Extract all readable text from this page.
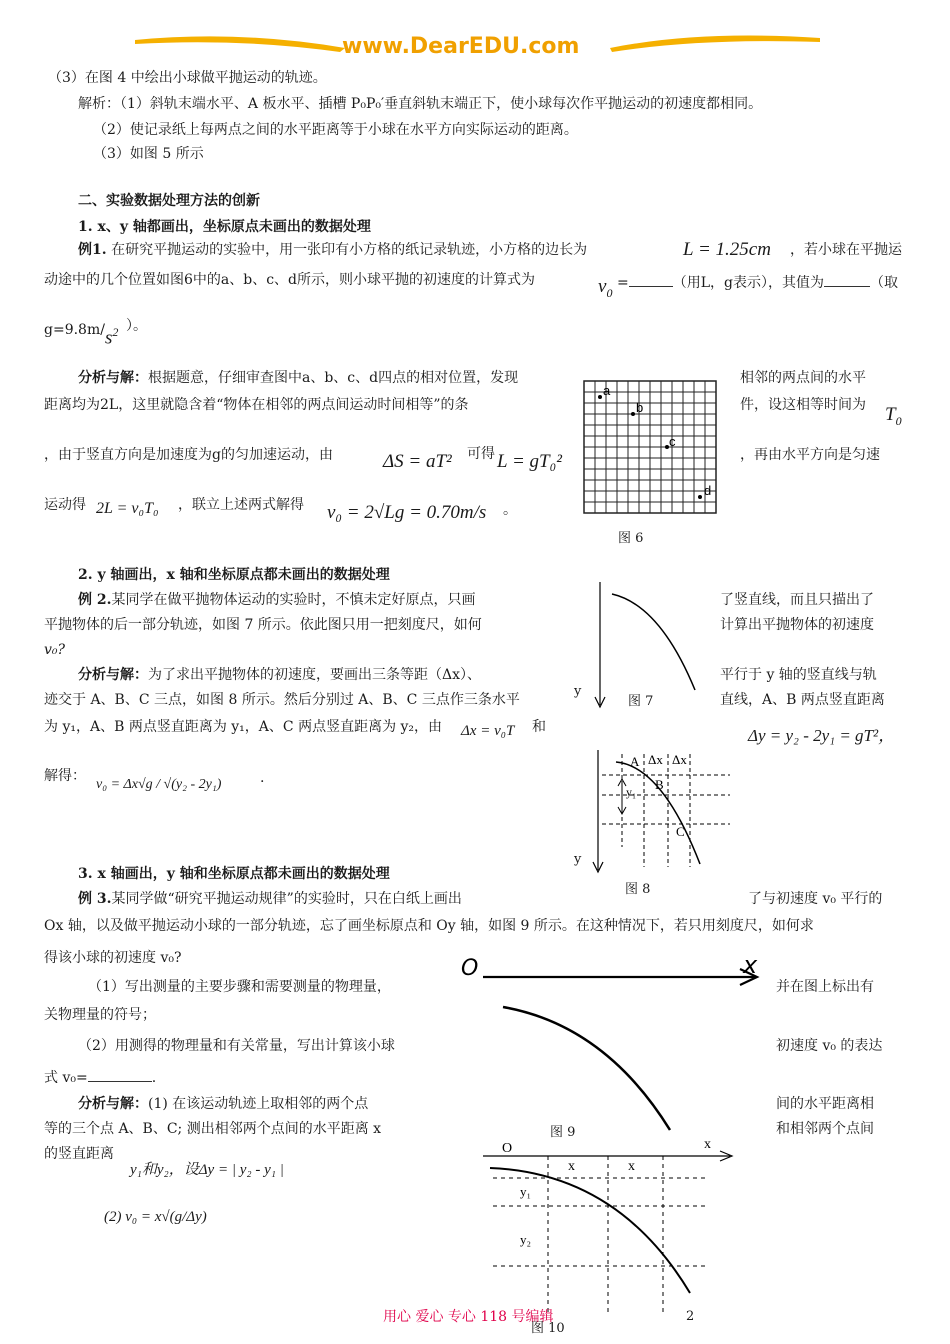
www.DearEDU.com
（3）在图 4 中绘出小球做平抛运动的轨迹。
解析：（1）斜轨末端水平、A 板水平、插槽 P₀P₀′垂直斜轨末端正下，使小球每次作平抛运动的初速度都相同。
（2）使记录纸上每两点之间的水平距离等于小球在水平方向实际运动的距离。
（3）如图 5 所示
二、实验数据处理方法的创新
1. x、y 轴都画出，坐标原点未画出的数据处理
例1. 在研究平抛运动的实验中，用一张印有小方格的纸记录轨迹，小方格的边长为	L = 1.25cm ，若小球在平抛运
动途中的几个位置如图6中的a、b、c、d所示，则小球平抛的初速度的计算式为	$v_0$
=	（用L，g表示），其值为	（取
g=9.8m/ $s^2$ ）。
分析与解：根据题意，仔细审查图中a、b、c、d四点的相对位置，发现	相邻的两点间的水平
距离均为2L，这里就隐含着“物体在相邻的两点间运动时间相等”的条	件，设这相等时间为 $T_0$
，由于竖直方向是加速度为g的匀加速运动，由	ΔS = aT² 可得 L = gT₀²	，再由水平方向是匀速
运动得 2L = v₀T₀ ，联立上述两式解得 v₀ = 2√Lg = 0.70m/s 。
a
b
c
d
图 6
2. y 轴画出，x 轴和坐标原点都未画出的数据处理
例 2.某同学在做平抛物体运动的实验时，不慎未定好原点，只画	了竖直线，而且只描出了
平抛物体的后一部分轨迹，如图 7 所示。依此图只用一把刻度尺，如何	计算出平抛物体的初速度
v₀?
分析与解：为了求出平抛物体的初速度，要画出三条等距（Δx）、	平行于 y 轴的竖直线与轨
迹交于 A、B、C 三点，如图 8 所示。然后分别过 A、B、C 三点作三条水平	直线，A、B 两点竖直距离
为 y₁，A、B 两点竖直距离为 y₁，A、C 两点竖直距离为 y₂，由 Δx = v₀T 和	Δy = y₂ - 2y₁ = gT²，
解得：
v₀ = Δx√g / √(y₂ - 2y₁)	.
y
图 7
A
B
C
y₁
Δx Δx
y
图 8
3. x 轴画出，y 轴和坐标原点都未画出的数据处理
例 3.某同学做“研究平抛运动规律”的实验时，只在白纸上画出	了与初速度 v₀ 平行的
Ox 轴，以及做平抛运动小球的一部分轨迹，忘了画坐标原点和 Oy 轴，如图 9 所示。在这种情况下，若只用刻度尺，如何求
得该小球的初速度 v₀?
（1）写出测量的主要步骤和需要测量的物理量，	并在图上标出有
关物理量的符号；
（2）用测得的物理量和有关常量，写出计算该小球	初速度 v₀ 的表达
式 v₀=	.
分析与解：(1) 在该运动轨迹上取相邻的两个点	间的水平距离相
等的三个点 A、B、C; 测出相邻两个点间的水平距离 x	和相邻两个点间
的竖直距离
y₁和y₂，设Δy = | y₂ - y₁ |
(2) v₀ = x√(g/Δy)
O	x
图 9
O	x
x	x
y₁
y₂
用心 爱心 专心 118 号编辑
图 10
2
